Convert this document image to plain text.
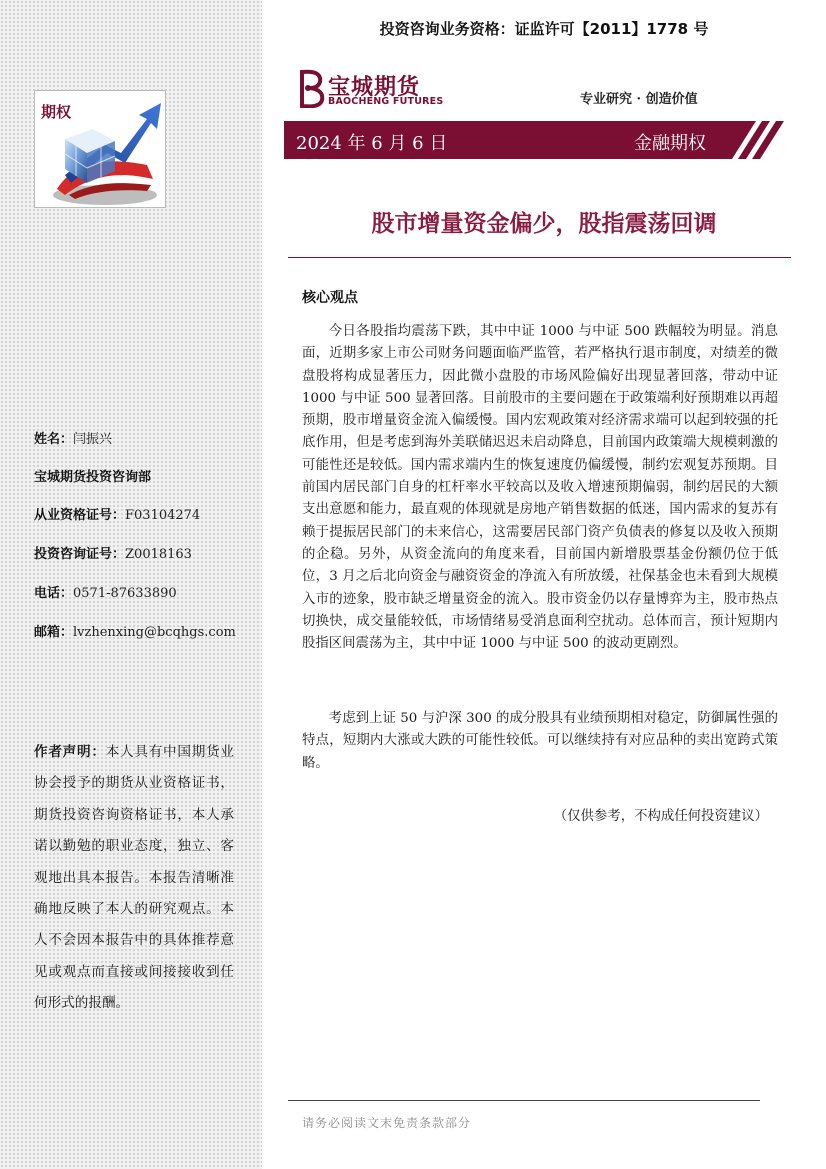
投资咨询业务资格：证监许可【2011】1778 号
期权
宝城期货
BAOCHENG FUTURES	专业研究 · 创造价值
2024 年 6 月 6 日	金融期权
股市增量资金偏少，股指震荡回调
核心观点

今日各股指均震荡下跌，其中中证 1000 与中证 500 跌幅较为明显。消息面，近期多家上市公司财务问题面临严监管，若严格执行退市制度，对绩差的微盘股将构成显著压力，因此微小盘股的市场风险偏好出现显著回落，带动中证 1000 与中证 500 显著回落。目前股市的主要问题在于政策端利好预期难以再超预期，股市增量资金流入偏缓慢。国内宏观政策对经济需求端可以起到较强的托底作用，但是考虑到海外美联储迟迟未启动降息，目前国内政策端大规模刺激的可能性还是较低。国内需求端内生的恢复速度仍偏缓慢，制约宏观复苏预期。目前国内居民部门自身的杠杆率水平较高以及收入增速预期偏弱，制约居民的大额支出意愿和能力，最直观的体现就是房地产销售数据的低迷，国内需求的复苏有赖于提振居民部门的未来信心，这需要居民部门资产负债表的修复以及收入预期的企稳。另外，从资金流向的角度来看，目前国内新增股票基金份额仍位于低位，3 月之后北向资金与融资资金的净流入有所放缓，社保基金也未看到大规模入市的迹象，股市缺乏增量资金的流入。股市资金仍以存量博弈为主，股市热点切换快，成交量能较低，市场情绪易受消息面利空扰动。总体而言，预计短期内股指区间震荡为主，其中中证 1000 与中证 500 的波动更剧烈。

考虑到上证 50 与沪深 300 的成分股具有业绩预期相对稳定，防御属性强的特点，短期内大涨或大跌的可能性较低。可以继续持有对应品种的卖出宽跨式策略。

（仅供参考，不构成任何投资建议）
姓名：闫振兴
宝城期货投资咨询部
从业资格证号：F03104274
投资咨询证号：Z0018163
电话：0571-87633890
邮箱：lvzhenxing@bcqhgs.com
作者声明：本人具有中国期货业协会授予的期货从业资格证书，期货投资咨询资格证书，本人承诺以勤勉的职业态度，独立、客观地出具本报告。本报告清晰准确地反映了本人的研究观点。本人不会因本报告中的具体推荐意见或观点而直接或间接接收到任何形式的报酬。
请务必阅读文末免责条款部分
